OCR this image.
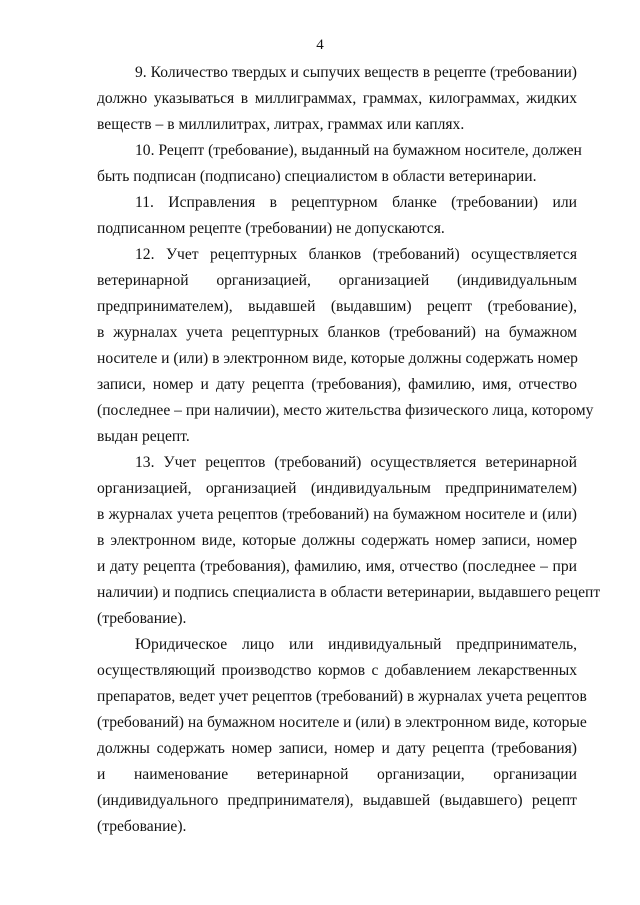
4
9. Количество твердых и сыпучих веществ в рецепте (требовании)
должно указываться в миллиграммах, граммах, килограммах, жидких
веществ – в миллилитрах, литрах, граммах или каплях.
10. Рецепт (требование), выданный на бумажном носителе, должен
быть подписан (подписано) специалистом в области ветеринарии.
11. Исправления в рецептурном бланке (требовании) или
подписанном рецепте (требовании) не допускаются.
12. Учет рецептурных бланков (требований) осуществляется
ветеринарной организацией, организацией (индивидуальным
предпринимателем), выдавшей (выдавшим) рецепт (требование),
в журналах учета рецептурных бланков (требований) на бумажном
носителе и (или) в электронном виде, которые должны содержать номер
записи, номер и дату рецепта (требования), фамилию, имя, отчество
(последнее – при наличии), место жительства физического лица, которому
выдан рецепт.
13. Учет рецептов (требований) осуществляется ветеринарной
организацией, организацией (индивидуальным предпринимателем)
в журналах учета рецептов (требований) на бумажном носителе и (или)
в электронном виде, которые должны содержать номер записи, номер
и дату рецепта (требования), фамилию, имя, отчество (последнее – при
наличии) и подпись специалиста в области ветеринарии, выдавшего рецепт
(требование).
Юридическое лицо или индивидуальный предприниматель,
осуществляющий производство кормов с добавлением лекарственных
препаратов, ведет учет рецептов (требований) в журналах учета рецептов
(требований) на бумажном носителе и (или) в электронном виде, которые
должны содержать номер записи, номер и дату рецепта (требования)
и наименование ветеринарной организации, организации
(индивидуального предпринимателя), выдавшей (выдавшего) рецепт
(требование).
